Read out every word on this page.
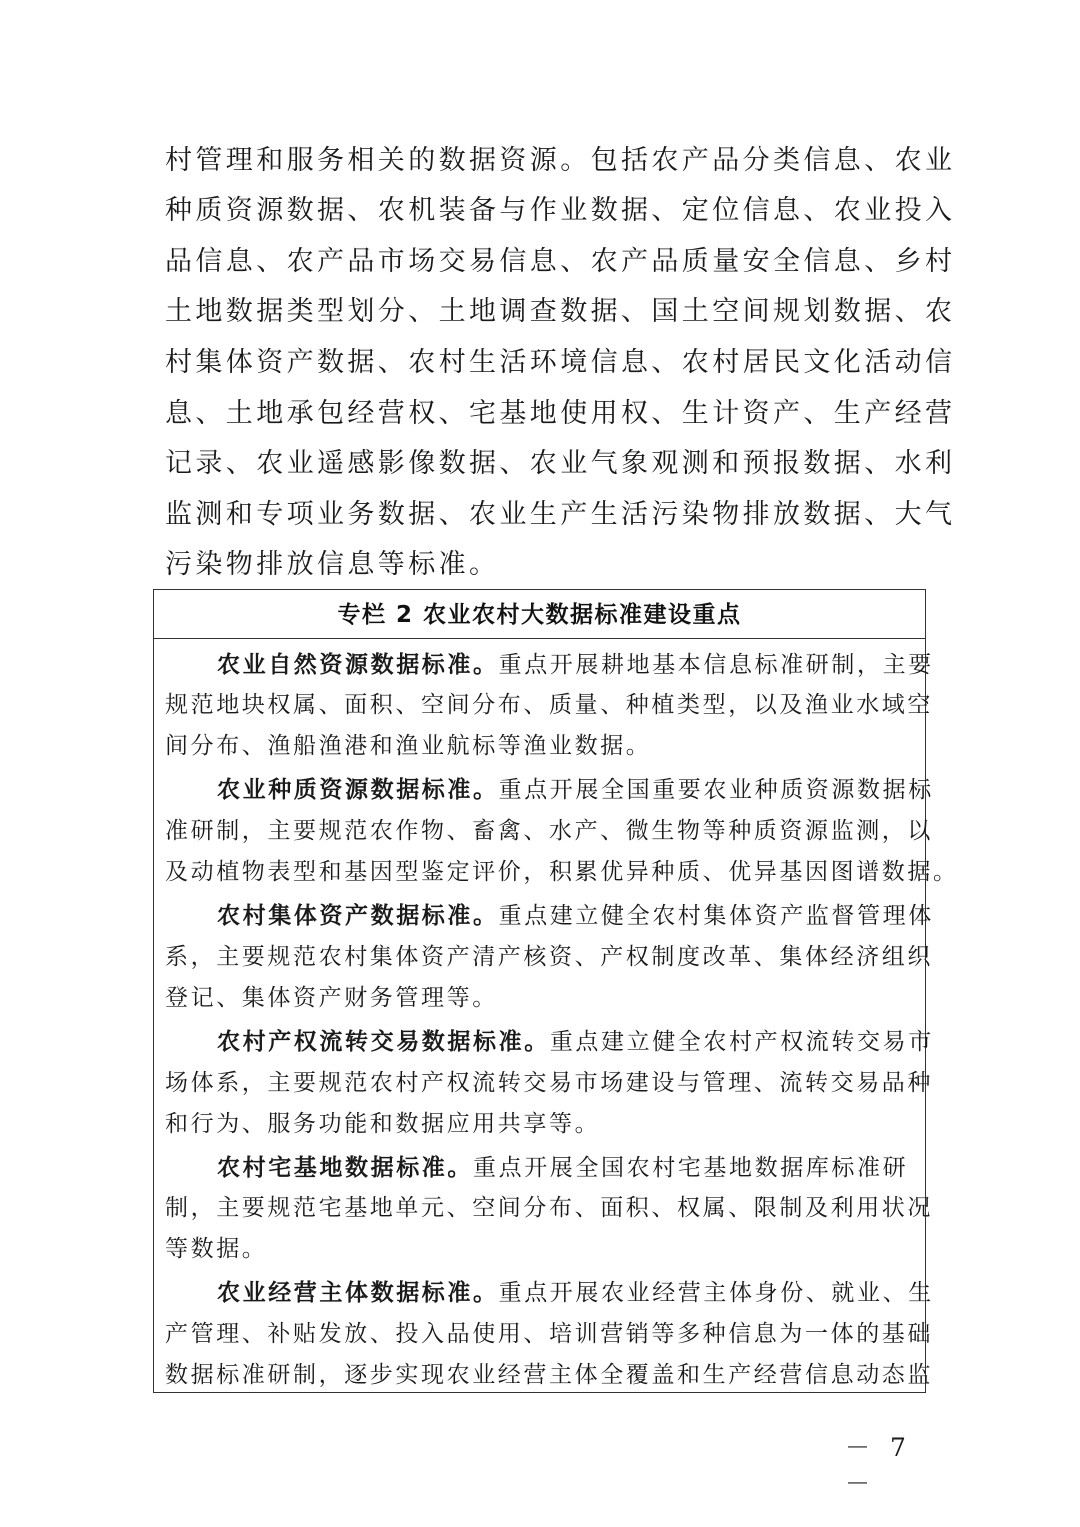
村管理和服务相关的数据资源。包括农产品分类信息、农业
种质资源数据、农机装备与作业数据、定位信息、农业投入
品信息、农产品市场交易信息、农产品质量安全信息、乡村
土地数据类型划分、土地调查数据、国土空间规划数据、农
村集体资产数据、农村生活环境信息、农村居民文化活动信
息、土地承包经营权、宅基地使用权、生计资产、生产经营
记录、农业遥感影像数据、农业气象观测和预报数据、水利
监测和专项业务数据、农业生产生活污染物排放数据、大气
污染物排放信息等标准。
专栏 2 农业农村大数据标准建设重点
农业自然资源数据标准。重点开展耕地基本信息标准研制，主要
规范地块权属、面积、空间分布、质量、种植类型，以及渔业水域空
间分布、渔船渔港和渔业航标等渔业数据。
农业种质资源数据标准。重点开展全国重要农业种质资源数据标
准研制，主要规范农作物、畜禽、水产、微生物等种质资源监测，以
及动植物表型和基因型鉴定评价，积累优异种质、优异基因图谱数据。
农村集体资产数据标准。重点建立健全农村集体资产监督管理体
系，主要规范农村集体资产清产核资、产权制度改革、集体经济组织
登记、集体资产财务管理等。
农村产权流转交易数据标准。重点建立健全农村产权流转交易市
场体系，主要规范农村产权流转交易市场建设与管理、流转交易品种
和行为、服务功能和数据应用共享等。
农村宅基地数据标准。重点开展全国农村宅基地数据库标准研
制，主要规范宅基地单元、空间分布、面积、权属、限制及利用状况
等数据。
农业经营主体数据标准。重点开展农业经营主体身份、就业、生
产管理、补贴发放、投入品使用、培训营销等多种信息为一体的基础
数据标准研制，逐步实现农业经营主体全覆盖和生产经营信息动态监
－ 7 －
